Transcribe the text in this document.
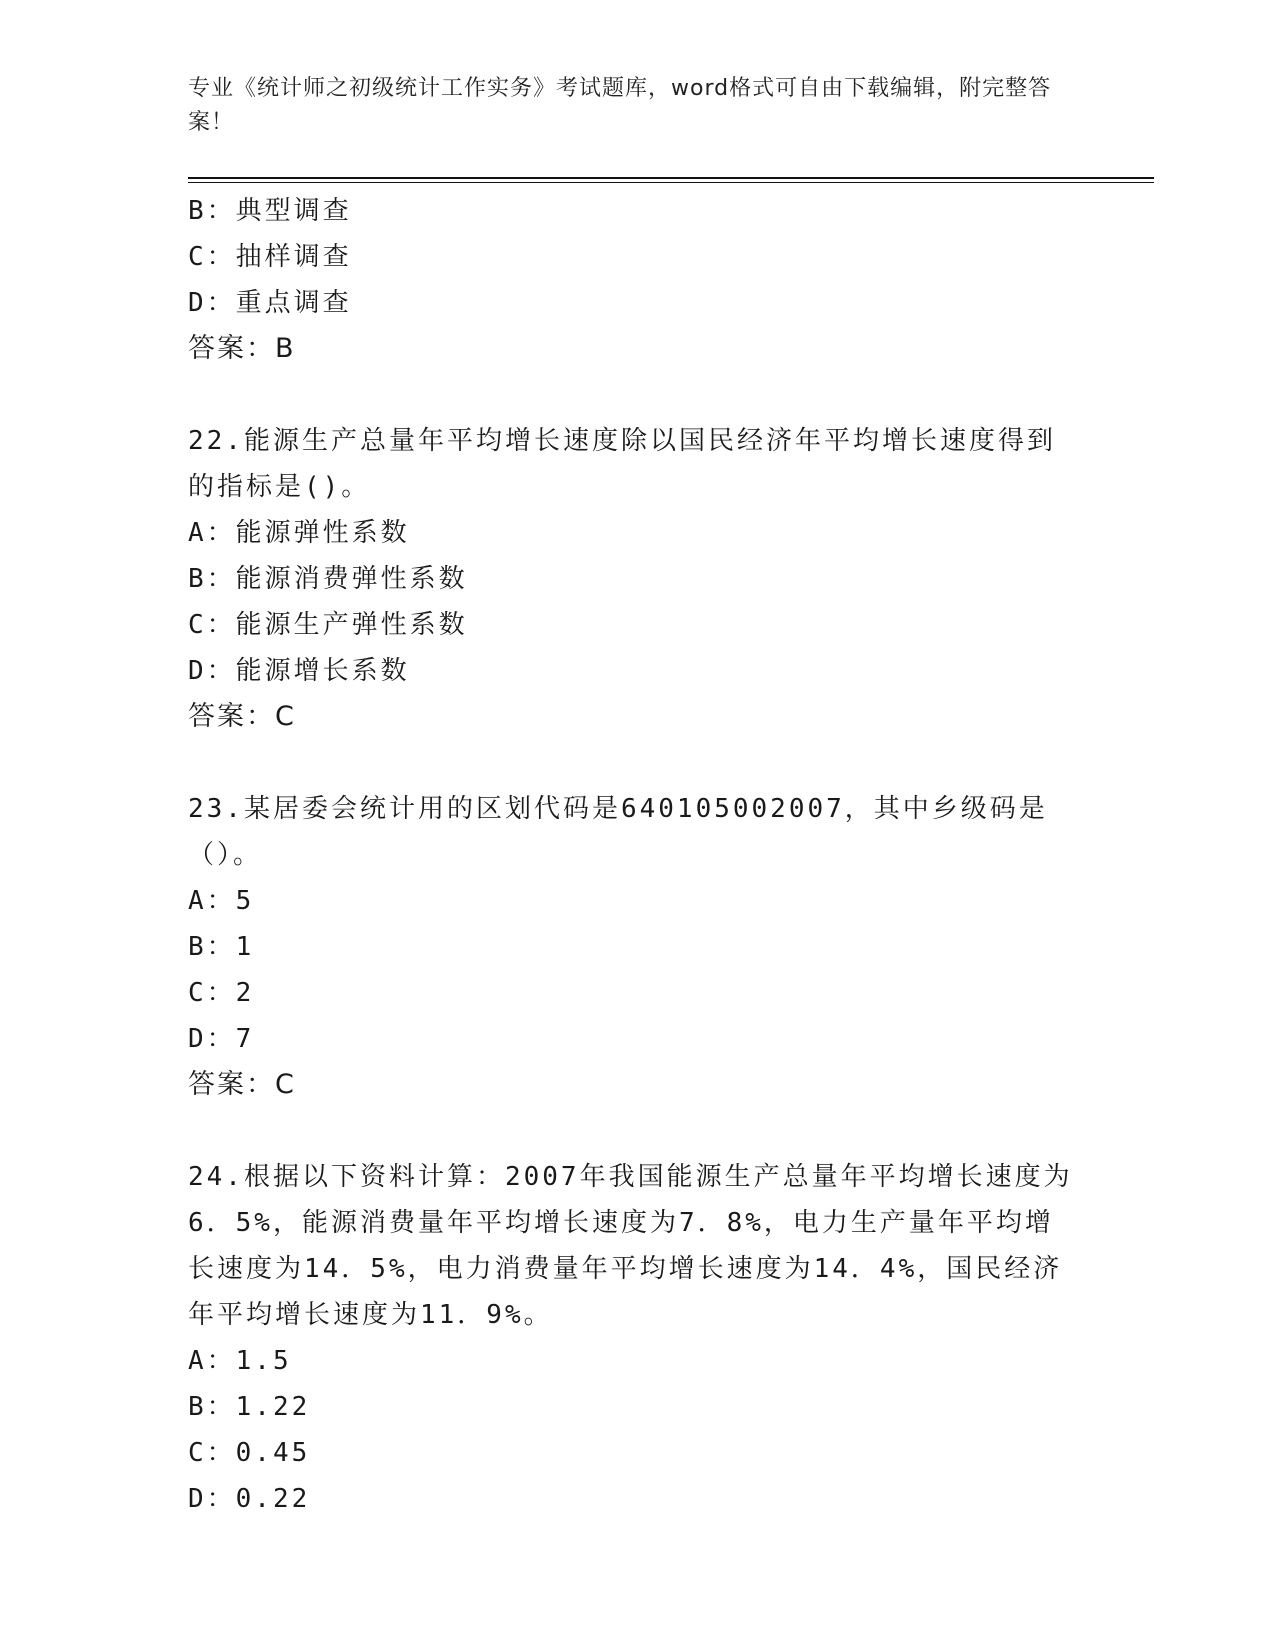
专业《统计师之初级统计工作实务》考试题库，word格式可自由下载编辑，附完整答案！
B：典型调查
C：抽样调查
D：重点调查
答案：B
22.能源生产总量年平均增长速度除以国民经济年平均增长速度得到的指标是()。
A：能源弹性系数
B：能源消费弹性系数
C：能源生产弹性系数
D：能源增长系数
答案：C
23.某居委会统计用的区划代码是640105002007，其中乡级码是（）。
A：5
B：1
C：2
D：7
答案：C
24.根据以下资料计算：2007年我国能源生产总量年平均增长速度为6．5%，能源消费量年平均增长速度为7．8%，电力生产量年平均增长速度为14．5%，电力消费量年平均增长速度为14．4%，国民经济年平均增长速度为11．9%。
A：1.5
B：1.22
C：0.45
D：0.22
